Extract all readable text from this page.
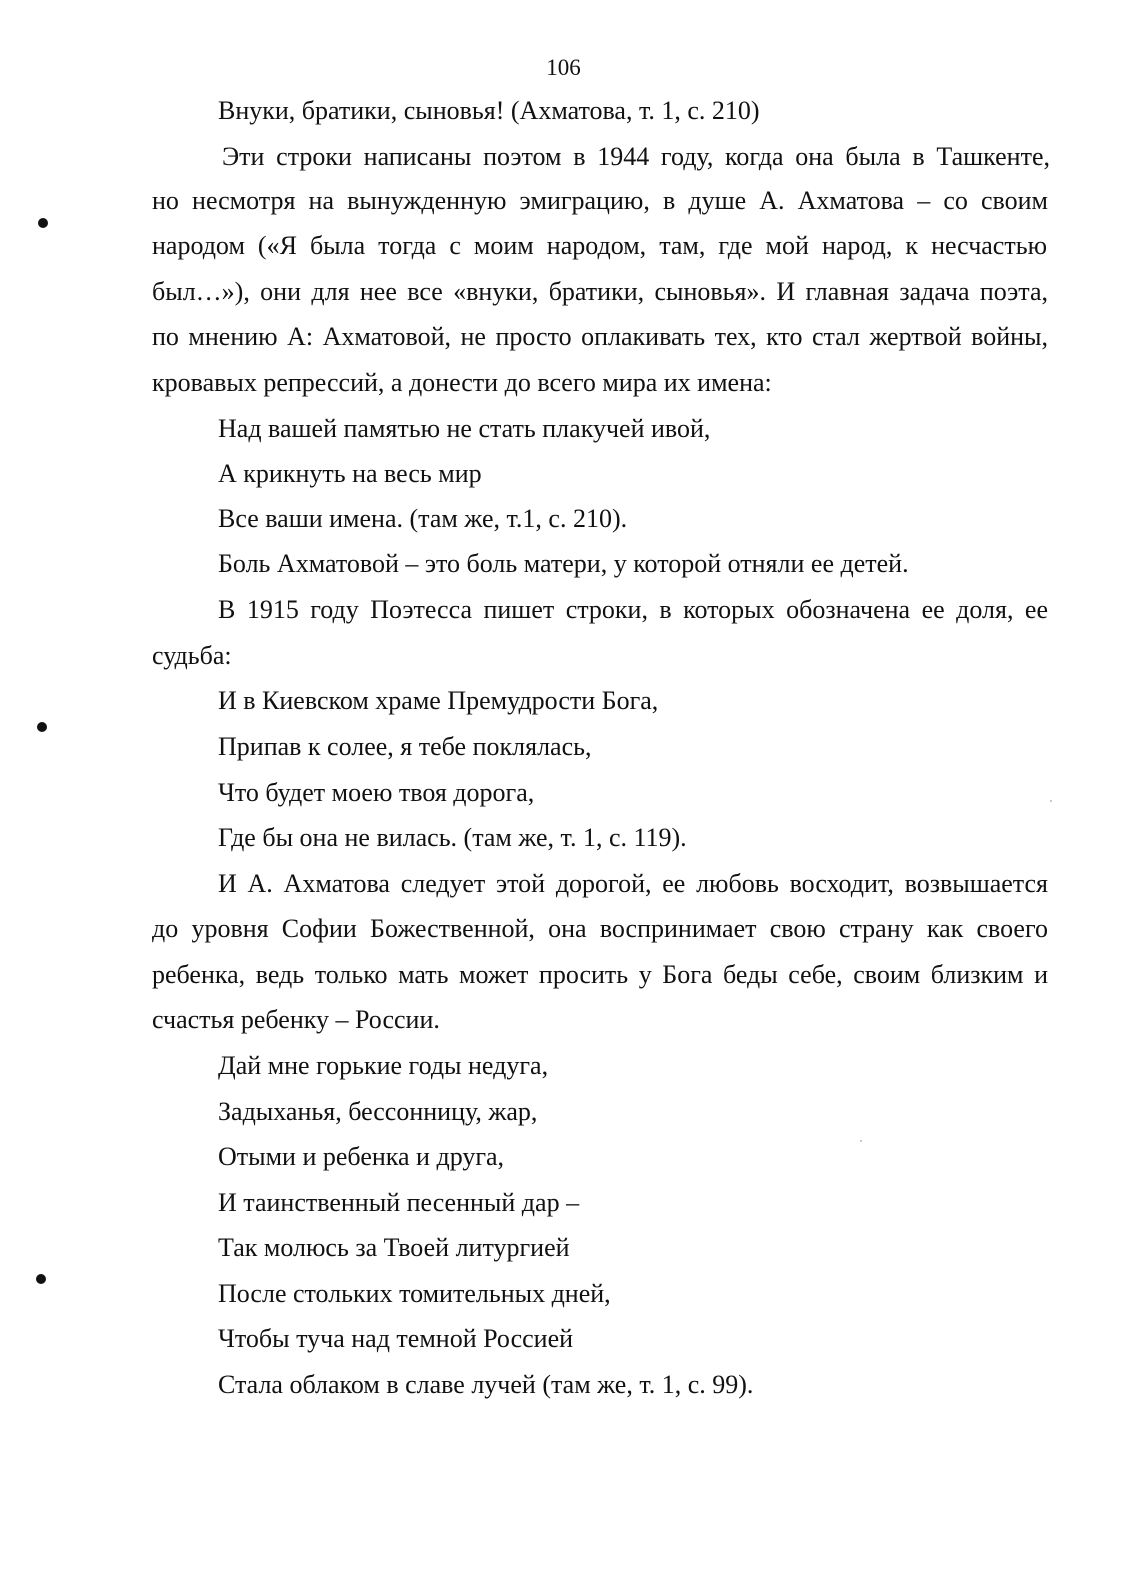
106
Внуки, братики, сыновья! (Ахматова, т. 1, с. 210)
Эти строки написаны поэтом в 1944 году, когда она была в Ташкенте,
но несмотря на вынужденную эмиграцию, в душе А. Ахматова – со своим
народом («Я была тогда с моим народом, там, где мой народ, к несчастью
был…»), они для нее все «внуки, братики, сыновья». И главная задача поэта,
по мнению А: Ахматовой, не просто оплакивать тех, кто стал жертвой войны,
кровавых репрессий, а донести до всего мира их имена:
Над вашей памятью не стать плакучей ивой,
А крикнуть на весь мир
Все ваши имена. (там же, т.1, с. 210).
Боль Ахматовой – это боль матери, у которой отняли ее детей.
В 1915 году Поэтесса пишет строки, в которых обозначена ее доля, ее
судьба:
И в Киевском храме Премудрости Бога,
Припав к солее, я тебе поклялась,
Что будет моею твоя дорога,
Где бы она не вилась. (там же, т. 1, с. 119).
И А. Ахматова следует этой дорогой, ее любовь восходит, возвышается
до уровня Софии Божественной, она воспринимает свою страну как своего
ребенка, ведь только мать может просить у Бога беды себе, своим близким и
счастья ребенку – России.
Дай мне горькие годы недуга,
Задыханья, бессонницу, жар,
Отыми и ребенка и друга,
И таинственный песенный дар –
Так молюсь за Твоей литургией
После стольких томительных дней,
Чтобы туча над темной Россией
Стала облаком в славе лучей (там же, т. 1, с. 99).
